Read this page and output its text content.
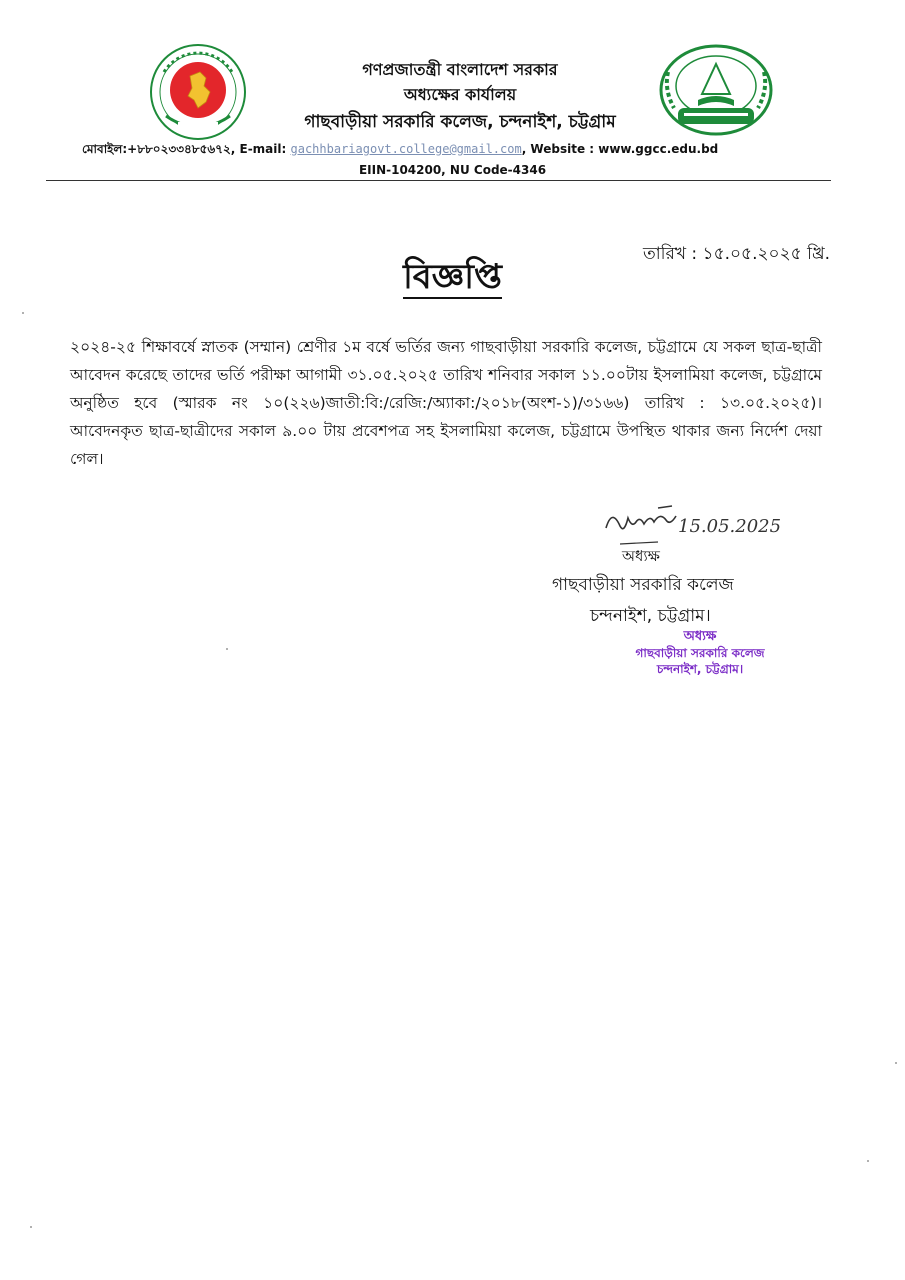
গণপ্রজাতন্ত্রী বাংলাদেশ সরকার
অধ্যক্ষের কার্যালয়
গাছবাড়ীয়া সরকারি কলেজ, চন্দনাইশ, চট্টগ্রাম
মোবাইল:+৮৮০২৩৩৪৮৫৬৭২, E-mail: gachhbariagovt.college@gmail.com, Website : www.ggcc.edu.bd
EIIN-104200, NU Code-4346
তারিখ : ১৫.০৫.২০২৫ খ্রি.
বিজ্ঞপ্তি
২০২৪-২৫ শিক্ষাবর্ষে স্নাতক (সম্মান) শ্রেণীর ১ম বর্ষে ভর্তির জন্য গাছবাড়ীয়া সরকারি কলেজ, চট্টগ্রামে যে সকল ছাত্র-ছাত্রী আবেদন করেছে তাদের ভর্তি পরীক্ষা আগামী ৩১.০৫.২০২৫ তারিখ শনিবার সকাল ১১.০০টায় ইসলামিয়া কলেজ, চট্টগ্রামে অনুষ্ঠিত হবে (স্মারক নং ১০(২২৬)জাতী:বি:/রেজি:/অ্যাকা:/২০১৮(অংশ-১)/৩১৬৬) তারিখ : ১৩.০৫.২০২৫)। আবেদনকৃত ছাত্র-ছাত্রীদের সকাল ৯.০০ টায় প্রবেশপত্র সহ ইসলামিয়া কলেজ, চট্টগ্রামে উপস্থিত থাকার জন্য নির্দেশ দেয়া গেল।
15.05.2025
অধ্যক্ষ
গাছবাড়ীয়া সরকারি কলেজ
চন্দনাইশ, চট্টগ্রাম।
অধ্যক্ষ
গাছবাড়ীয়া সরকারি কলেজ
চন্দনাইশ, চট্টগ্রাম।
